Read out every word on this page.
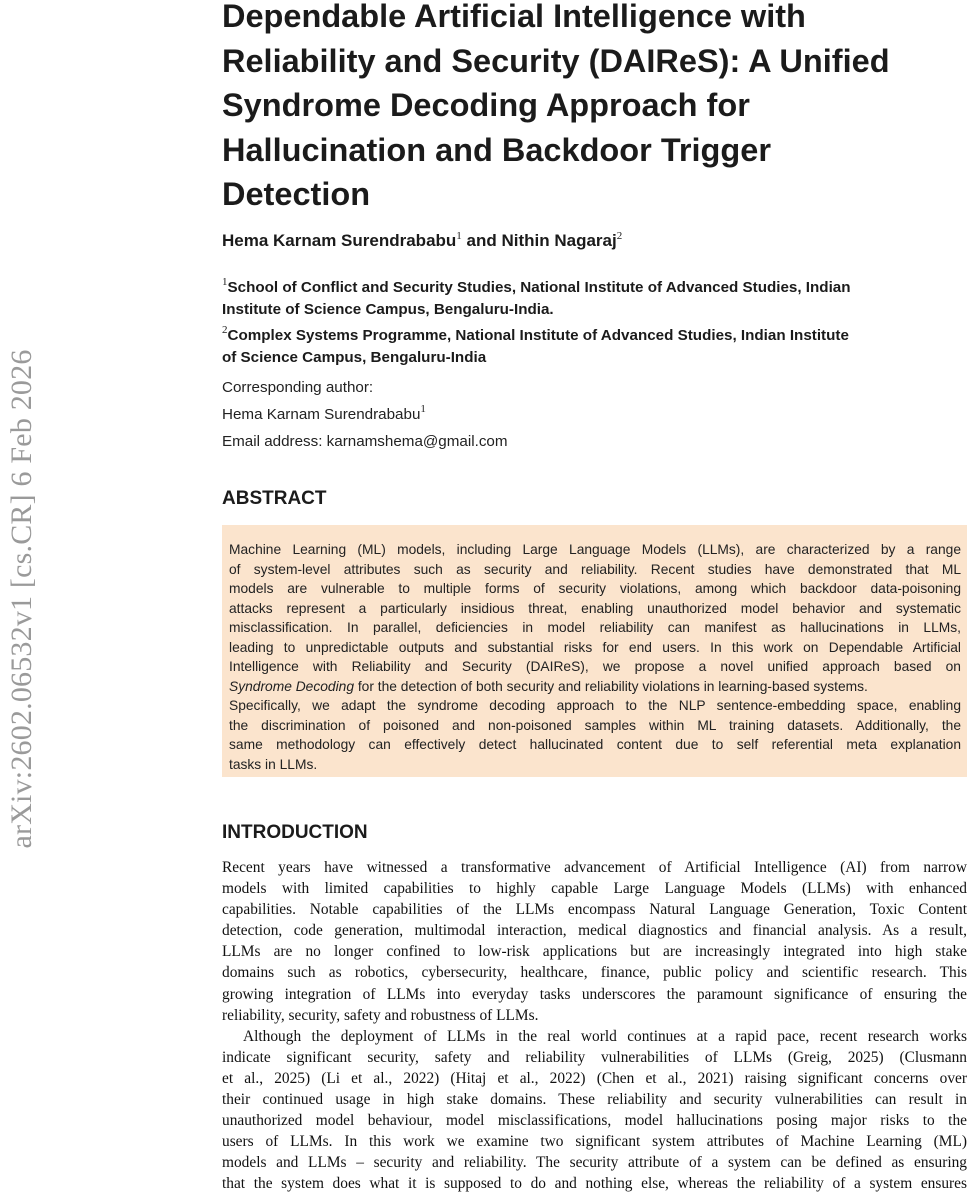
arXiv:2602.06532v1 [cs.CR] 6 Feb 2026
Dependable Artificial Intelligence with
Reliability and Security (DAIReS): A Unified
Syndrome Decoding Approach for
Hallucination and Backdoor Trigger
Detection
Hema Karnam Surendrababu$^1$ and Nithin Nagaraj$^2$
$^1$School of Conflict and Security Studies, National Institute of Advanced Studies, Indian
Institute of Science Campus, Bengaluru-India.
$^2$Complex Systems Programme, National Institute of Advanced Studies, Indian Institute
of Science Campus, Bengaluru-India
Corresponding author:
Hema Karnam Surendrababu$^1$
Email address: karnamshema@gmail.com
ABSTRACT
Machine Learning (ML) models, including Large Language Models (LLMs), are characterized by a range
of system-level attributes such as security and reliability. Recent studies have demonstrated that ML
models are vulnerable to multiple forms of security violations, among which backdoor data-poisoning
attacks represent a particularly insidious threat, enabling unauthorized model behavior and systematic
misclassification. In parallel, deficiencies in model reliability can manifest as hallucinations in LLMs,
leading to unpredictable outputs and substantial risks for end users. In this work on Dependable Artificial
Intelligence with Reliability and Security (DAIReS), we propose a novel unified approach based on
Syndrome Decoding for the detection of both security and reliability violations in learning-based systems.
Specifically, we adapt the syndrome decoding approach to the NLP sentence-embedding space, enabling
the discrimination of poisoned and non-poisoned samples within ML training datasets. Additionally, the
same methodology can effectively detect hallucinated content due to self referential meta explanation
tasks in LLMs.
INTRODUCTION
Recent years have witnessed a transformative advancement of Artificial Intelligence (AI) from narrow
models with limited capabilities to highly capable Large Language Models (LLMs) with enhanced
capabilities. Notable capabilities of the LLMs encompass Natural Language Generation, Toxic Content
detection, code generation, multimodal interaction, medical diagnostics and financial analysis. As a result,
LLMs are no longer confined to low-risk applications but are increasingly integrated into high stake
domains such as robotics, cybersecurity, healthcare, finance, public policy and scientific research. This
growing integration of LLMs into everyday tasks underscores the paramount significance of ensuring the
reliability, security, safety and robustness of LLMs.
Although the deployment of LLMs in the real world continues at a rapid pace, recent research works
indicate significant security, safety and reliability vulnerabilities of LLMs (Greig, 2025) (Clusmann
et al., 2025) (Li et al., 2022) (Hitaj et al., 2022) (Chen et al., 2021) raising significant concerns over
their continued usage in high stake domains. These reliability and security vulnerabilities can result in
unauthorized model behaviour, model misclassifications, model hallucinations posing major risks to the
users of LLMs. In this work we examine two significant system attributes of Machine Learning (ML)
models and LLMs – security and reliability. The security attribute of a system can be defined as ensuring
that the system does what it is supposed to do and nothing else, whereas the reliability of a system ensures
